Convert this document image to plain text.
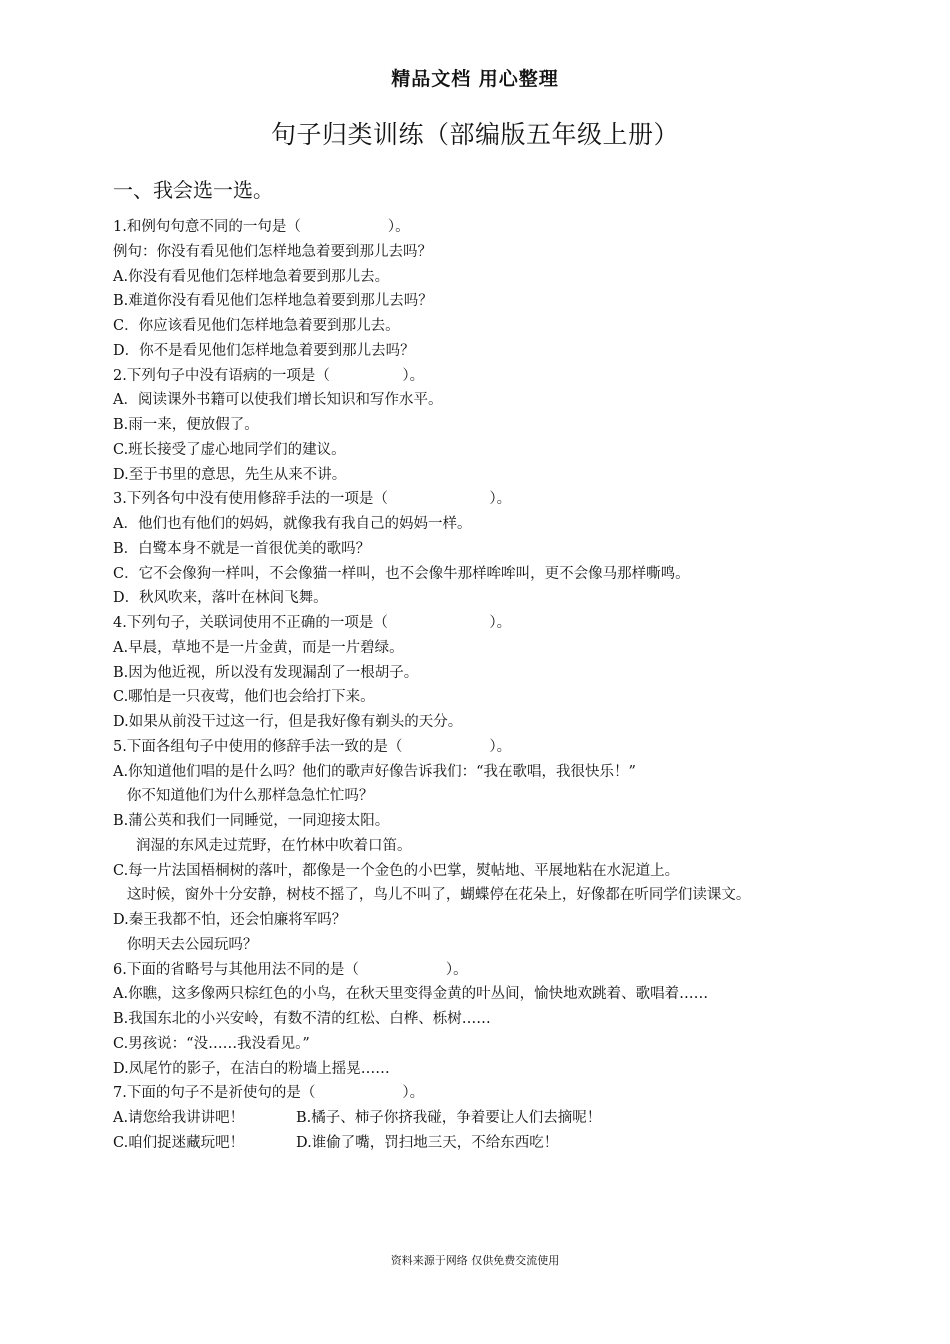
精品文档 用心整理
句子归类训练（部编版五年级上册）
一、我会选一选。
1.和例句句意不同的一句是（　　　　　　）。
例句：你没有看见他们怎样地急着要到那儿去吗？
A.你没有看见他们怎样地急着要到那儿去。
B.难道你没有看见他们怎样地急着要到那儿去吗？
C．你应该看见他们怎样地急着要到那儿去。
D．你不是看见他们怎样地急着要到那儿去吗？
2.下列句子中没有语病的一项是（　　　　　）。
A．阅读课外书籍可以使我们增长知识和写作水平。
B.雨一来，便放假了。
C.班长接受了虚心地同学们的建议。
D.至于书里的意思，先生从来不讲。
3.下列各句中没有使用修辞手法的一项是（　　　　　　　）。
A．他们也有他们的妈妈，就像我有我自己的妈妈一样。
B．白鹭本身不就是一首很优美的歌吗？
C．它不会像狗一样叫，不会像猫一样叫，也不会像牛那样哞哞叫，更不会像马那样嘶鸣。
D．秋风吹来，落叶在林间飞舞。
4.下列句子，关联词使用不正确的一项是（　　　　　　　）。
A.早晨，草地不是一片金黄，而是一片碧绿。
B.因为他近视，所以没有发现漏刮了一根胡子。
C.哪怕是一只夜莺，他们也会给打下来。
D.如果从前没干过这一行，但是我好像有剃头的天分。
5.下面各组句子中使用的修辞手法一致的是（　　　　　　）。
A.你知道他们唱的是什么吗？他们的歌声好像告诉我们：“我在歌唱，我很快乐！”
你不知道他们为什么那样急急忙忙吗？
B.蒲公英和我们一同睡觉，一同迎接太阳。
润湿的东风走过荒野，在竹林中吹着口笛。
C.每一片法国梧桐树的落叶，都像是一个金色的小巴掌，熨帖地、平展地粘在水泥道上。
这时候，窗外十分安静，树枝不摇了，鸟儿不叫了，蝴蝶停在花朵上，好像都在听同学们读课文。
D.秦王我都不怕，还会怕廉将军吗？
你明天去公园玩吗？
6.下面的省略号与其他用法不同的是（　　　　　　）。
A.你瞧，这多像两只棕红色的小鸟，在秋天里变得金黄的叶丛间，愉快地欢跳着、歌唱着……
B.我国东北的小兴安岭，有数不清的红松、白桦、栎树……
C.男孩说：“没……我没看见。”
D.凤尾竹的影子，在洁白的粉墙上摇晃……
7.下面的句子不是祈使句的是（　　　　　　）。
A.请您给我讲讲吧！	B.橘子、柿子你挤我碰，争着要让人们去摘呢！
C.咱们捉迷藏玩吧！	D.谁偷了嘴，罚扫地三天，不给东西吃！
资料来源于网络 仅供免费交流使用
